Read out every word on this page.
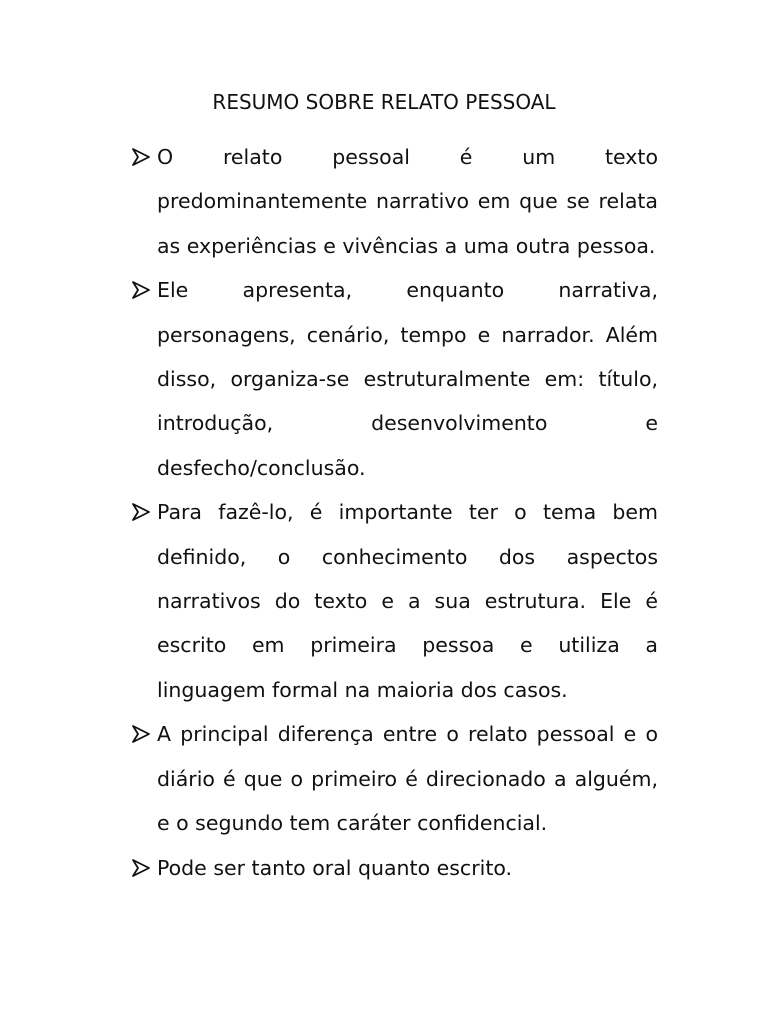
RESUMO SOBRE RELATO PESSOAL
O relato pessoal é um texto predominantemente narrativo em que se relata as experiências e vivências a uma outra pessoa.
Ele apresenta, enquanto narrativa, personagens, cenário, tempo e narrador. Além disso, organiza-se estruturalmente em: título, introdução, desenvolvimento e desfecho/conclusão.
Para fazê-lo, é importante ter o tema bem definido, o conhecimento dos aspectos narrativos do texto e a sua estrutura. Ele é escrito em primeira pessoa e utiliza a linguagem formal na maioria dos casos.
A principal diferença entre o relato pessoal e o diário é que o primeiro é direcionado a alguém, e o segundo tem caráter confidencial.
Pode ser tanto oral quanto escrito.
